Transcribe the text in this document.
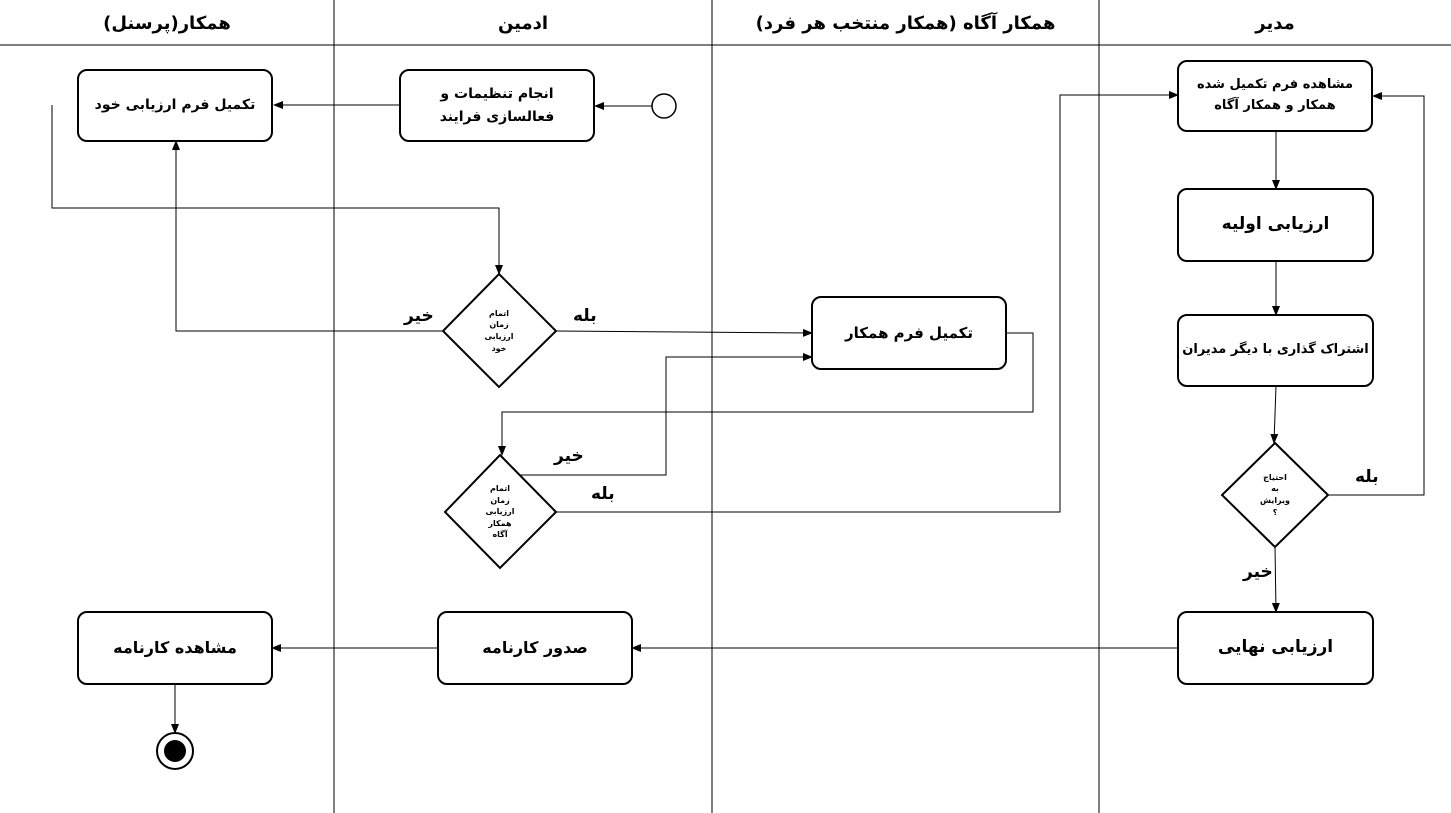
همکار(پرسنل)	ادمین	همکار آگاه (همکار منتخب هر فرد)	مدیر
انجام تنظیمات و
فعالسازی فرایند
تکمیل فرم ارزیابی خود
تکمیل فرم همکار
مشاهده فرم تکمیل شده
همکار و همکار آگاه
ارزیابی اولیه
اشتراک گذاری با دیگر مدیران
ارزیابی نهایی
صدور کارنامه
مشاهده کارنامه
اتمام
زمان
ارزیابی
خود
اتمام
زمان
ارزیابی
همکار
آگاه
احتیاج
به
ویرایش
؟
خیر	بله
خیر
بله
بله
خیر
